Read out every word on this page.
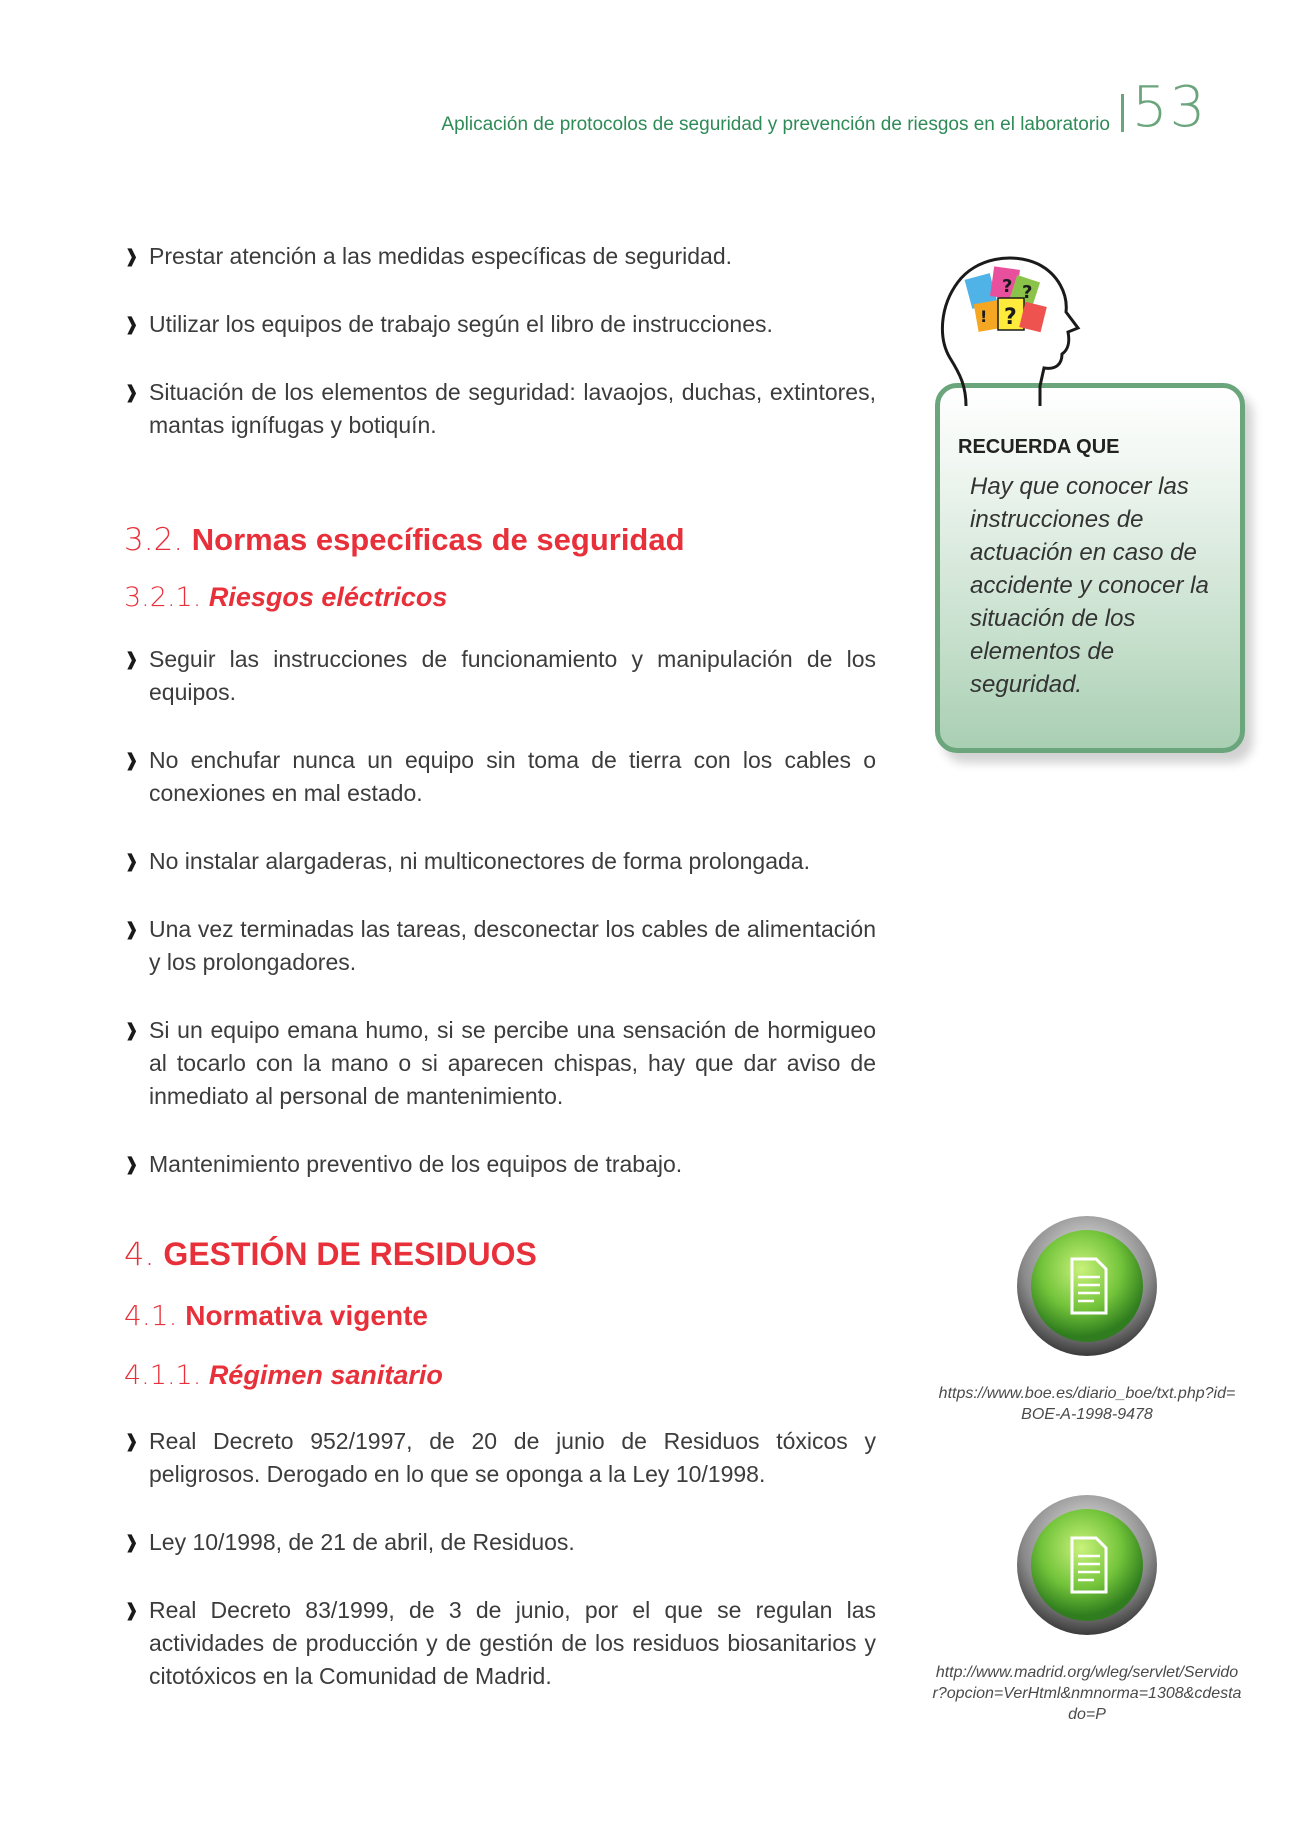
Aplicación de protocolos de seguridad y prevención de riesgos en el laboratorio 53
❱ Prestar atención a las medidas específicas de seguridad.
❱ Utilizar los equipos de trabajo según el libro de instrucciones.
❱ Situación de los elementos de seguridad: lavaojos, duchas, extintores, mantas ignífugas y botiquín.
3.2. Normas específicas de seguridad
3.2.1. Riesgos eléctricos
❱ Seguir las instrucciones de funcionamiento y manipulación de los equipos.
❱ No enchufar nunca un equipo sin toma de tierra con los cables o conexiones en mal estado.
❱ No instalar alargaderas, ni multiconectores de forma prolongada.
❱ Una vez terminadas las tareas, desconectar los cables de alimentación y los prolongadores.
❱ Si un equipo emana humo, si se percibe una sensación de hormigueo al tocarlo con la mano o si aparecen chispas, hay que dar aviso de inmediato al personal de mantenimiento.
❱ Mantenimiento preventivo de los equipos de trabajo.
4. GESTIÓN DE RESIDUOS
4.1. Normativa vigente
4.1.1. Régimen sanitario
❱ Real Decreto 952/1997, de 20 de junio de Residuos tóxicos y peligrosos. Derogado en lo que se oponga a la Ley 10/1998.
❱ Ley 10/1998, de 21 de abril, de Residuos.
❱ Real Decreto 83/1999, de 3 de junio, por el que se regulan las actividades de producción y de gestión de los residuos biosanitarios y citotóxicos en la Comunidad de Madrid.
RECUERDA QUE
Hay que conocer las instrucciones de actuación en caso de accidente y conocer la situación de los elementos de seguridad.
? ?
?
!
https://www.boe.es/diario_boe/txt.php?id=BOE-A-1998-9478
http://www.madrid.org/wleg/servlet/Servidor?opcion=VerHtml&nmnorma=1308&cdestado=P
